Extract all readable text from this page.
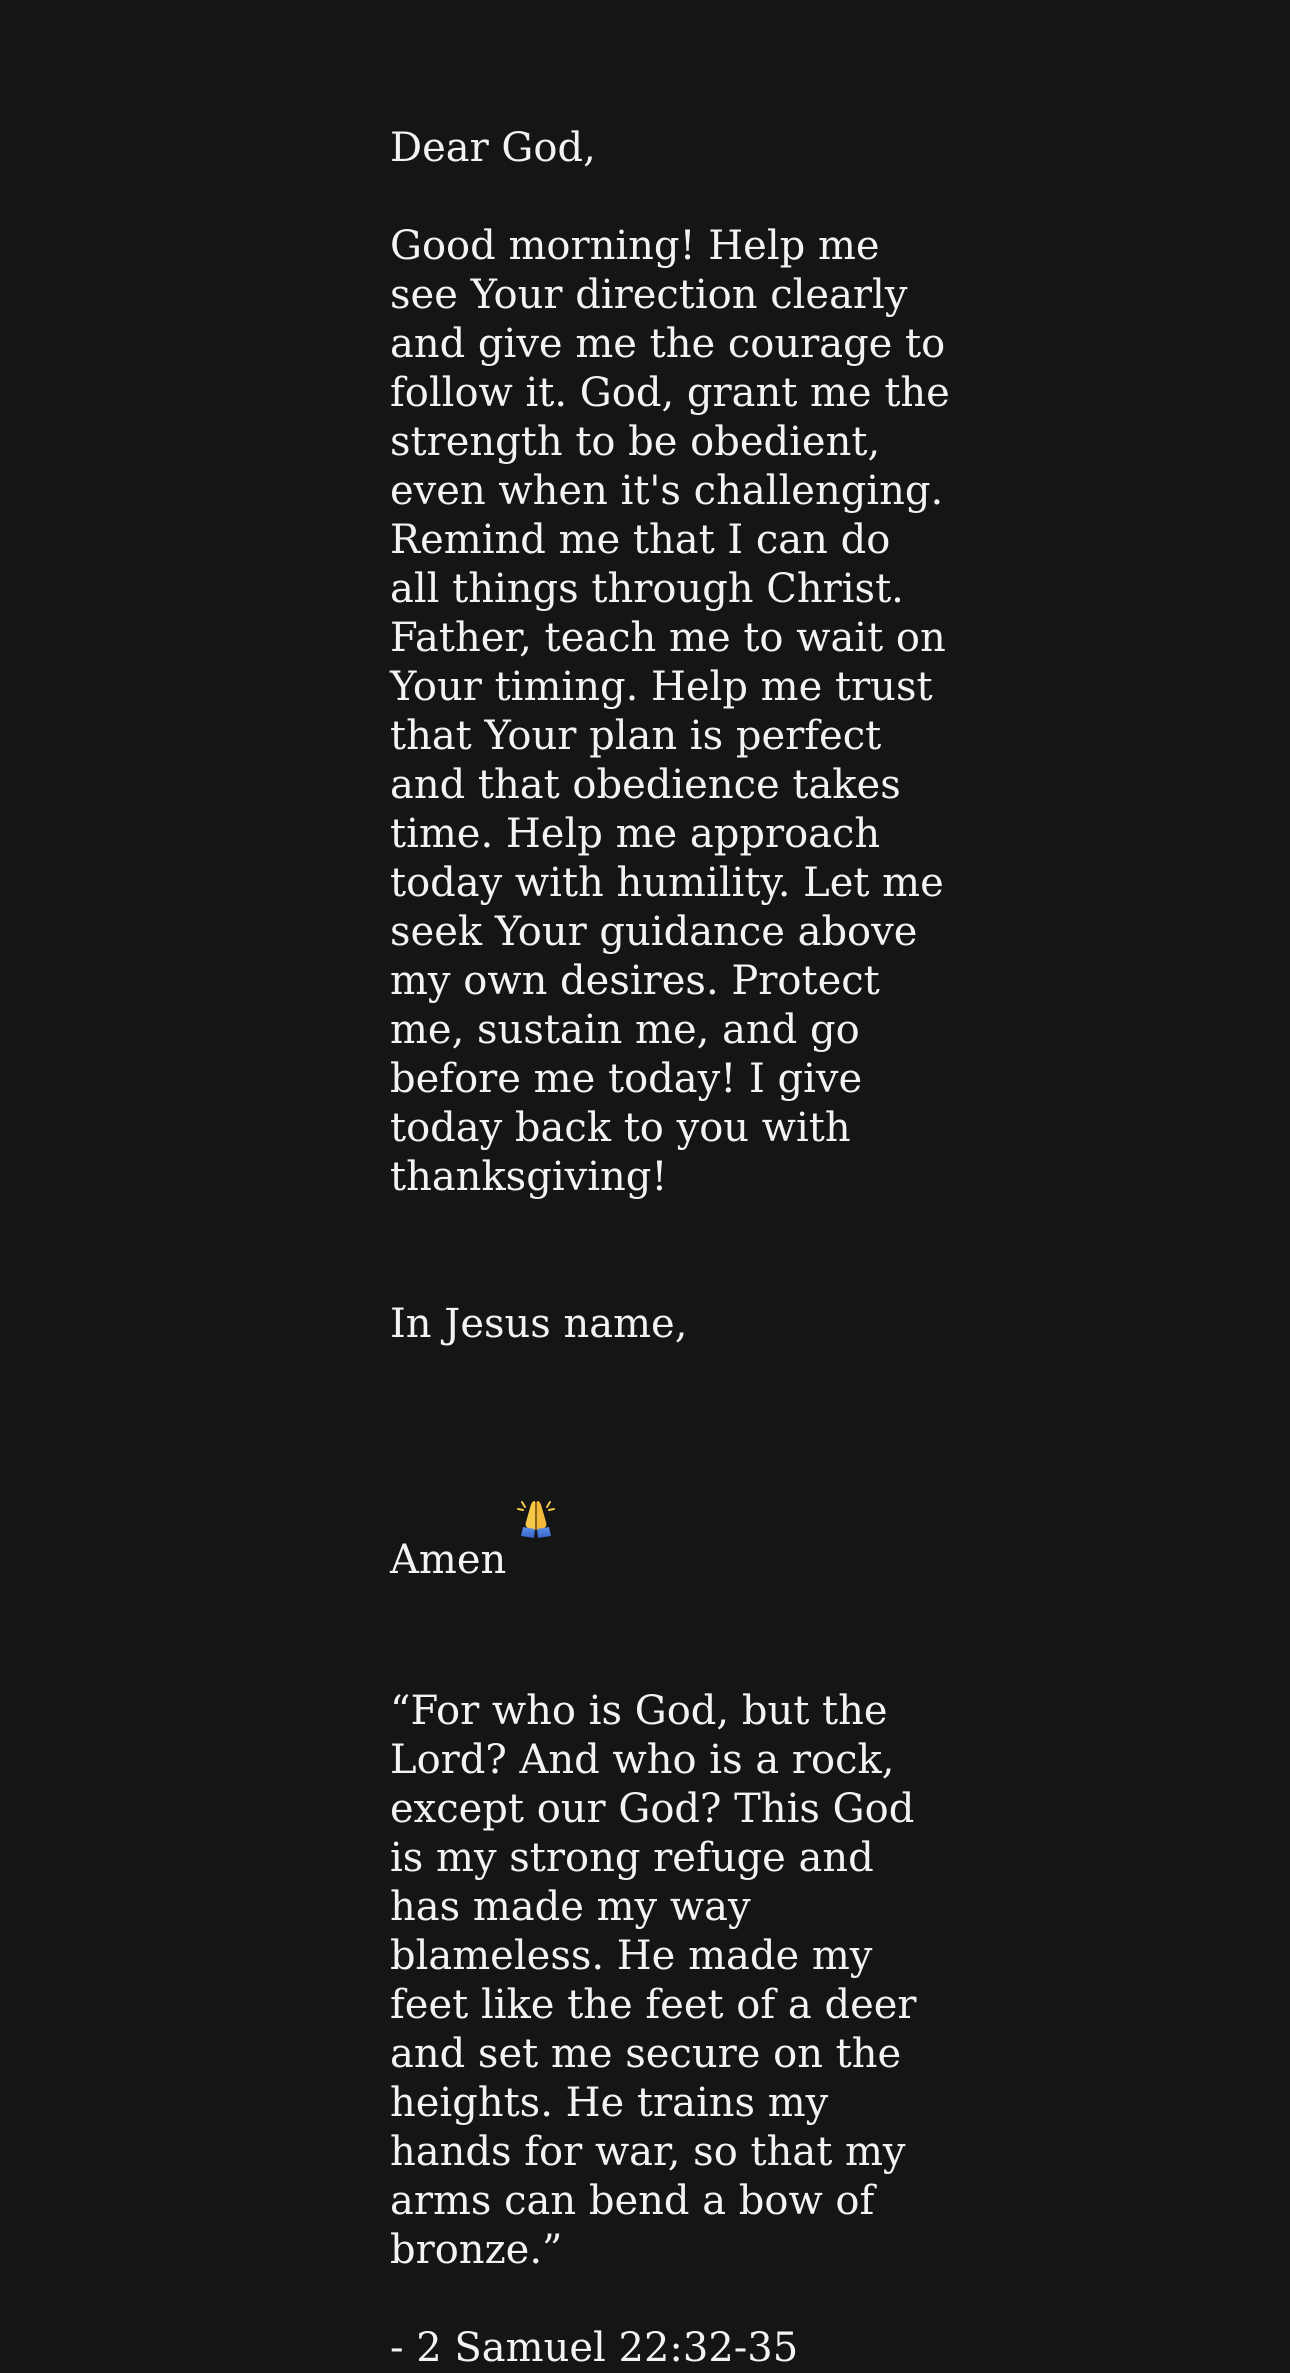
Dear God,

Good morning! Help me see Your direction clearly and give me the courage to follow it. God, grant me the strength to be obedient, even when it's challenging. Remind me that I can do all things through Christ. Father, teach me to wait on Your timing. Help me trust that Your plan is perfect and that obedience takes time. Help me approach today with humility. Let me seek Your guidance above my own desires. Protect me, sustain me, and go before me today! I give today back to you with thanksgiving!

In Jesus name,

Amen

“For who is God, but the Lord? And who is a rock, except our God? This God is my strong refuge and has made my way blameless. He made my feet like the feet of a deer and set me secure on the heights. He trains my hands for war, so that my arms can bend a bow of bronze.”

- 2 Samuel 22:32-35
